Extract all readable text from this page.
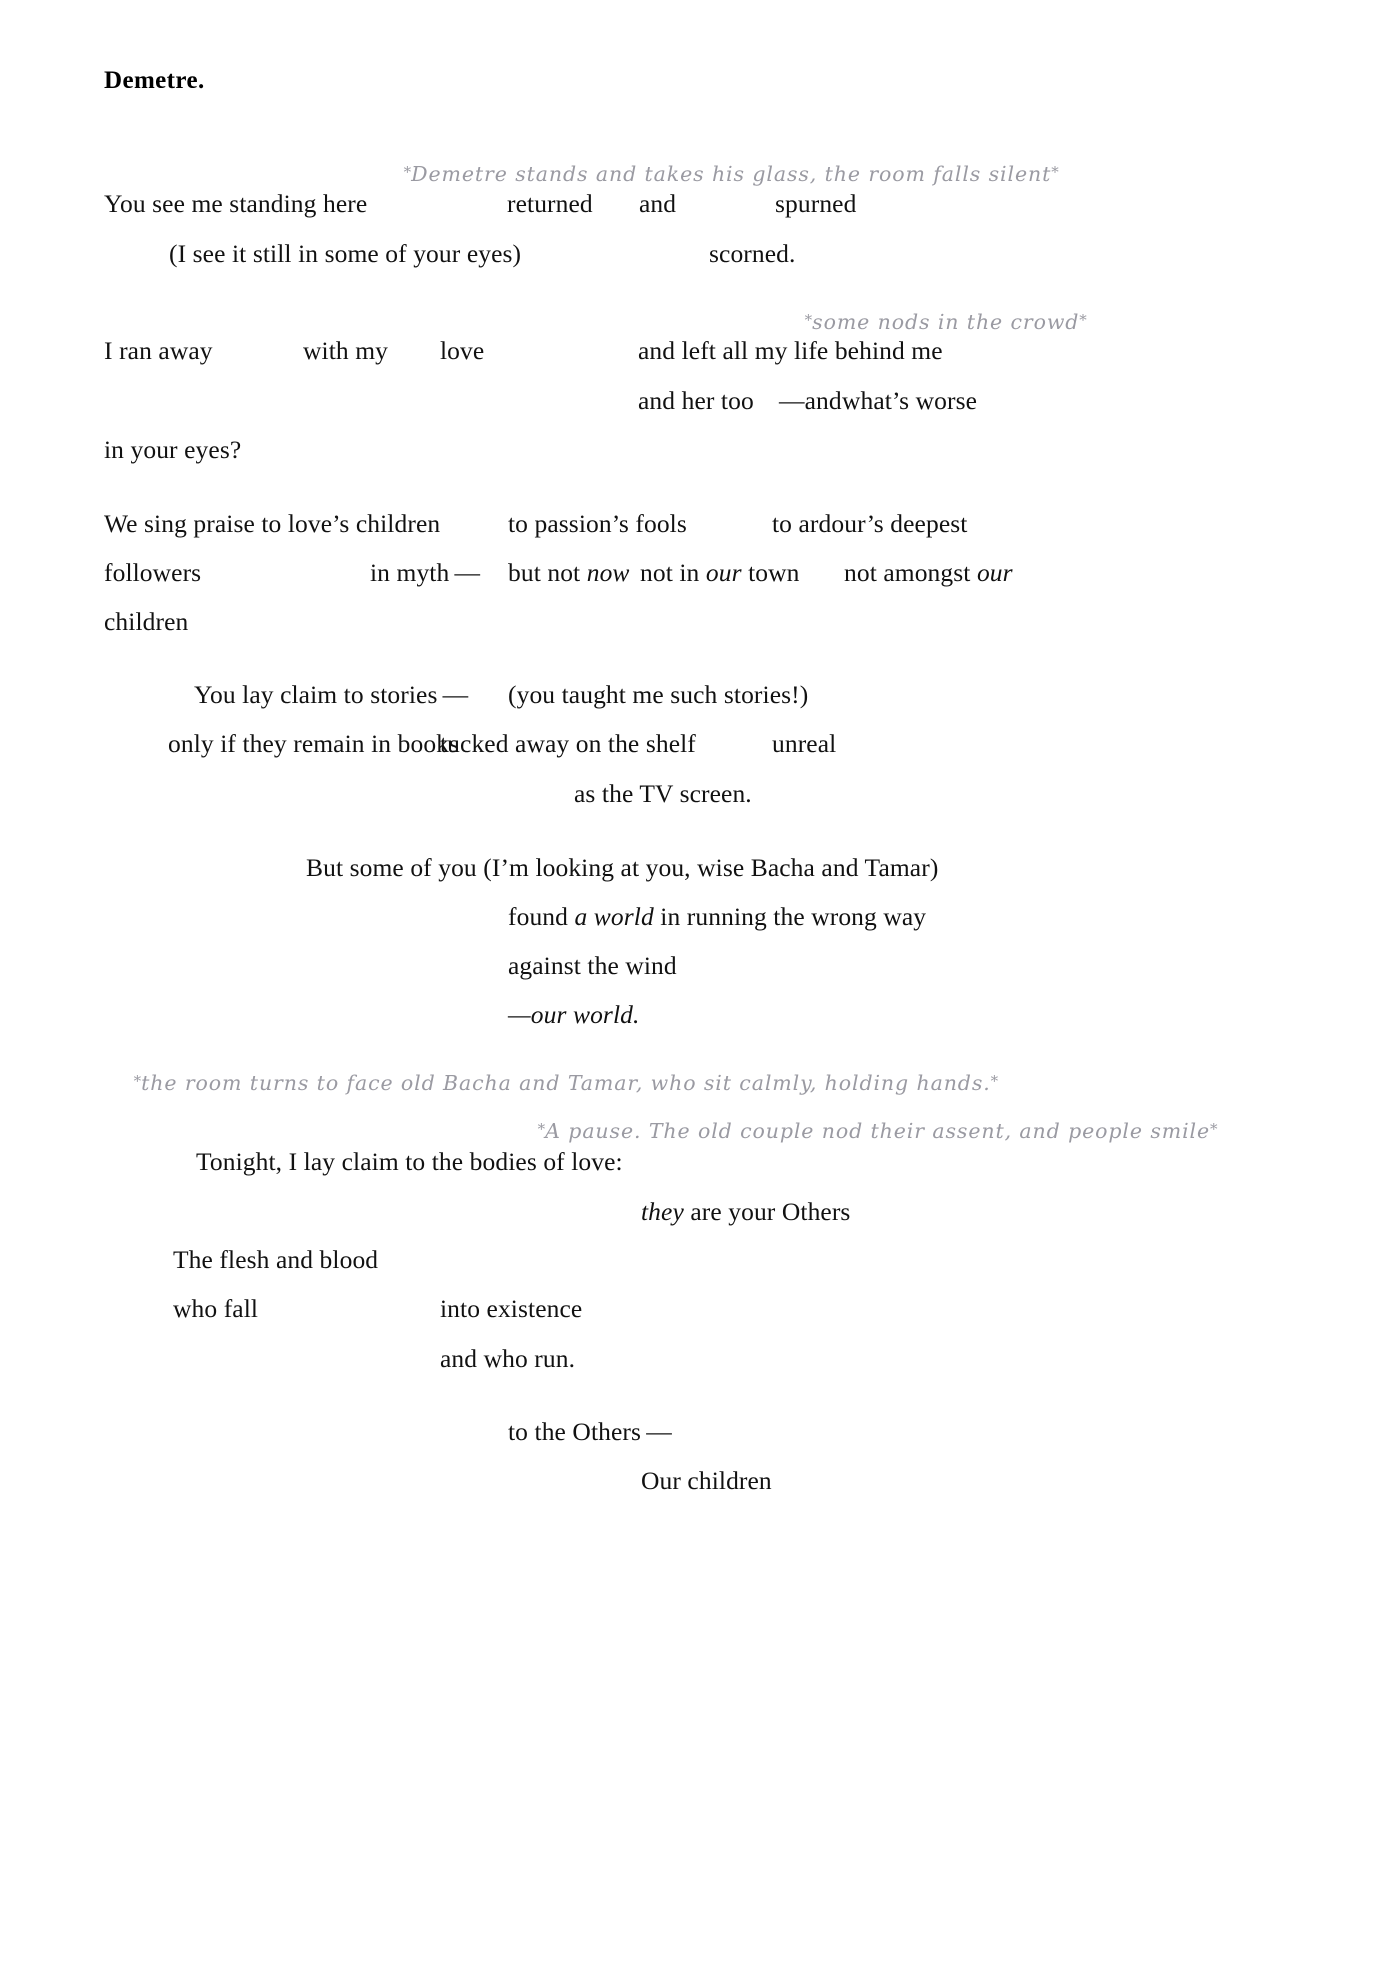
Demetre.

*Demetre stands and takes his glass, the room falls silent*

You see me standing here	returned and	spurned
(I see it still in some of your eyes)	scorned.

*some nods in the crowd*

I ran away	with my love	and left all my life behind me
and her too —and what’s worse
in your eyes?
We sing praise to love’s children	to passion’s fools	to ardour’s deepest
followers	in myth — but not now not in our town not amongst our
children
You lay claim to stories — (you taught me such stories!)
only if they remain in books
tucked away on the shelf	unreal
as the TV screen.
But some of you (I’m looking at you, wise Bacha and Tamar)
found a world in running the wrong way
against the wind
—our world.

*the room turns to face old Bacha and Tamar, who sit calmly, holding hands.*

*A pause. The old couple nod their assent, and people smile*

Tonight, I lay claim to the bodies of love:
they are your Others
The flesh and blood
who fall	into existence
and who run.
to the Others —
Our children
